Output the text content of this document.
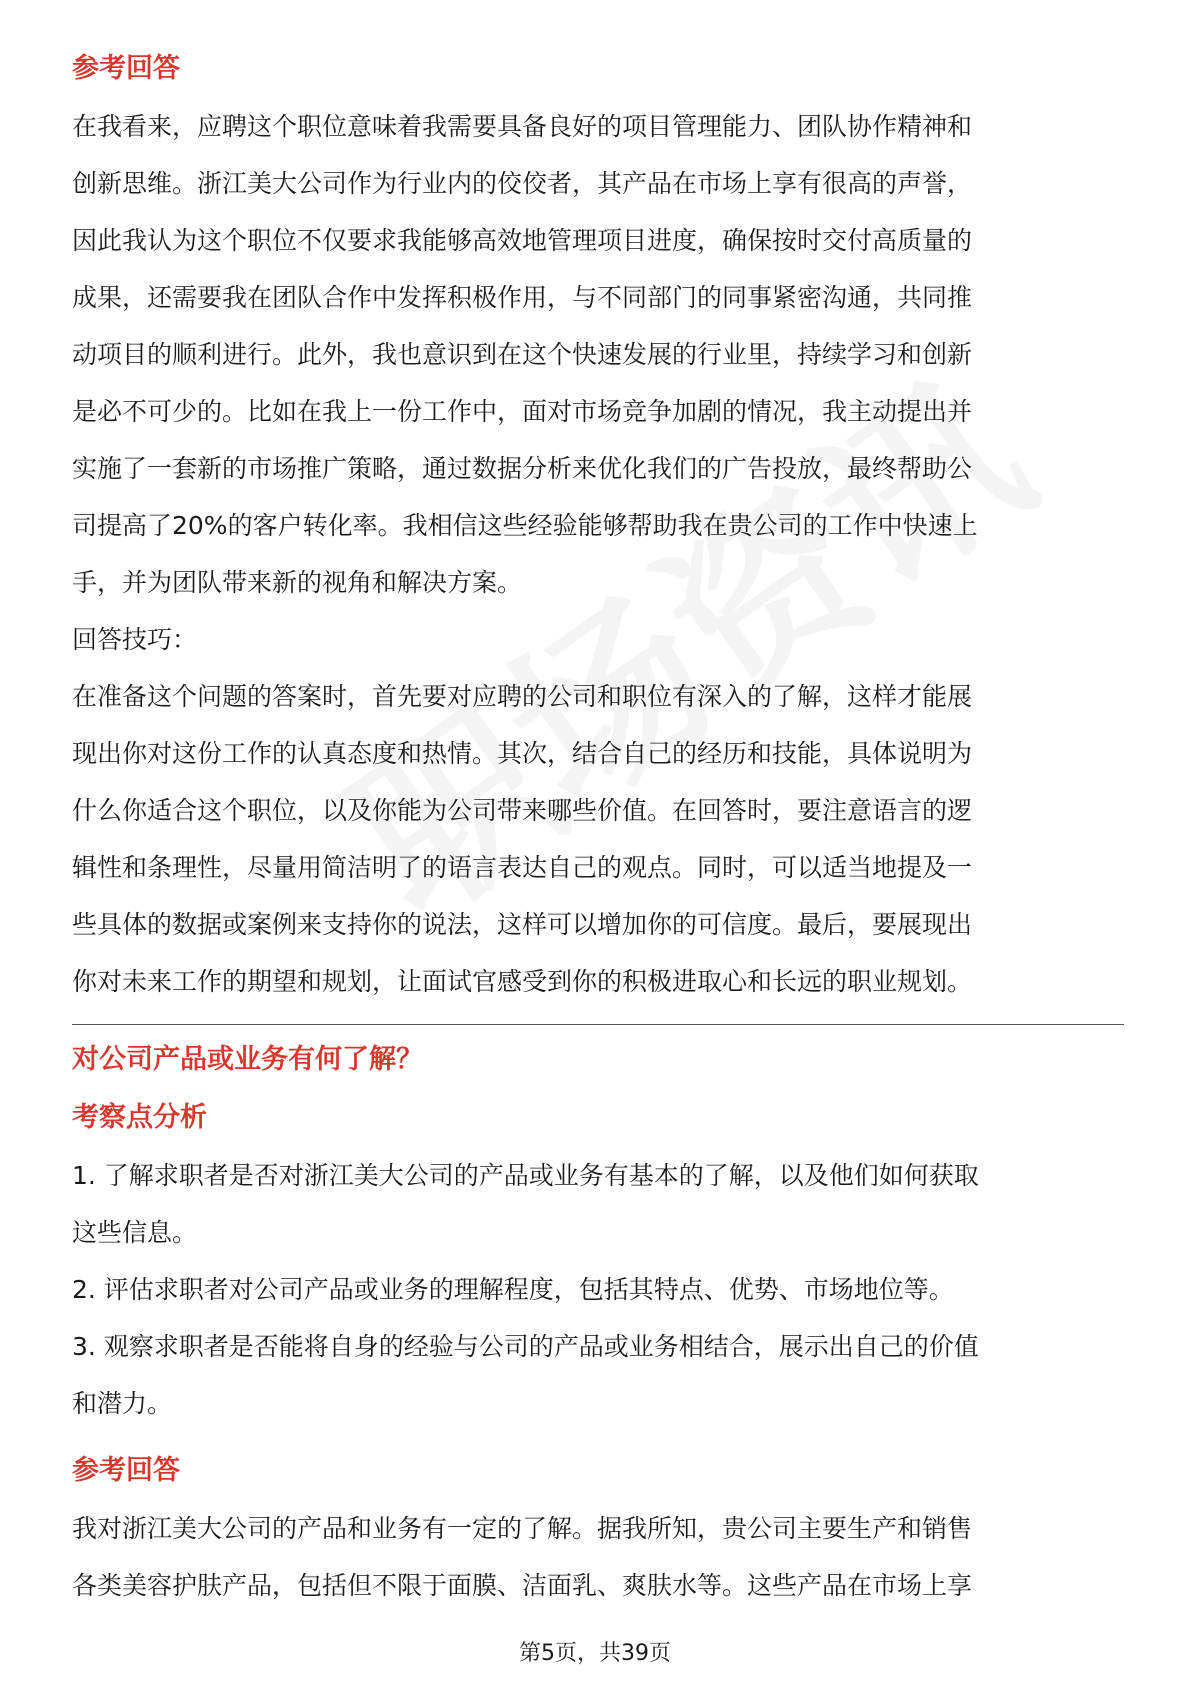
参考回答

在我看来，应聘这个职位意味着我需要具备良好的项目管理能力、团队协作精神和

创新思维。浙江美大公司作为行业内的佼佼者，其产品在市场上享有很高的声誉，

因此我认为这个职位不仅要求我能够高效地管理项目进度，确保按时交付高质量的

成果，还需要我在团队合作中发挥积极作用，与不同部门的同事紧密沟通，共同推

动项目的顺利进行。此外，我也意识到在这个快速发展的行业里，持续学习和创新

是必不可少的。比如在我上一份工作中，面对市场竞争加剧的情况，我主动提出并

实施了一套新的市场推广策略，通过数据分析来优化我们的广告投放，最终帮助公

司提高了20%的客户转化率。我相信这些经验能够帮助我在贵公司的工作中快速上

手，并为团队带来新的视角和解决方案。

回答技巧：

在准备这个问题的答案时，首先要对应聘的公司和职位有深入的了解，这样才能展

现出你对这份工作的认真态度和热情。其次，结合自己的经历和技能，具体说明为

什么你适合这个职位，以及你能为公司带来哪些价值。在回答时，要注意语言的逻

辑性和条理性，尽量用简洁明了的语言表达自己的观点。同时，可以适当地提及一

些具体的数据或案例来支持你的说法，这样可以增加你的可信度。最后，要展现出

你对未来工作的期望和规划，让面试官感受到你的积极进取心和长远的职业规划。

对公司产品或业务有何了解？
考察点分析

1. 了解求职者是否对浙江美大公司的产品或业务有基本的了解，以及他们如何获取

这些信息。

2. 评估求职者对公司产品或业务的理解程度，包括其特点、优势、市场地位等。

3. 观察求职者是否能将自身的经验与公司的产品或业务相结合，展示出自己的价值

和潜力。

参考回答

我对浙江美大公司的产品和业务有一定的了解。据我所知，贵公司主要生产和销售

各类美容护肤产品，包括但不限于面膜、洁面乳、爽肤水等。这些产品在市场上享

第5页，共39页
